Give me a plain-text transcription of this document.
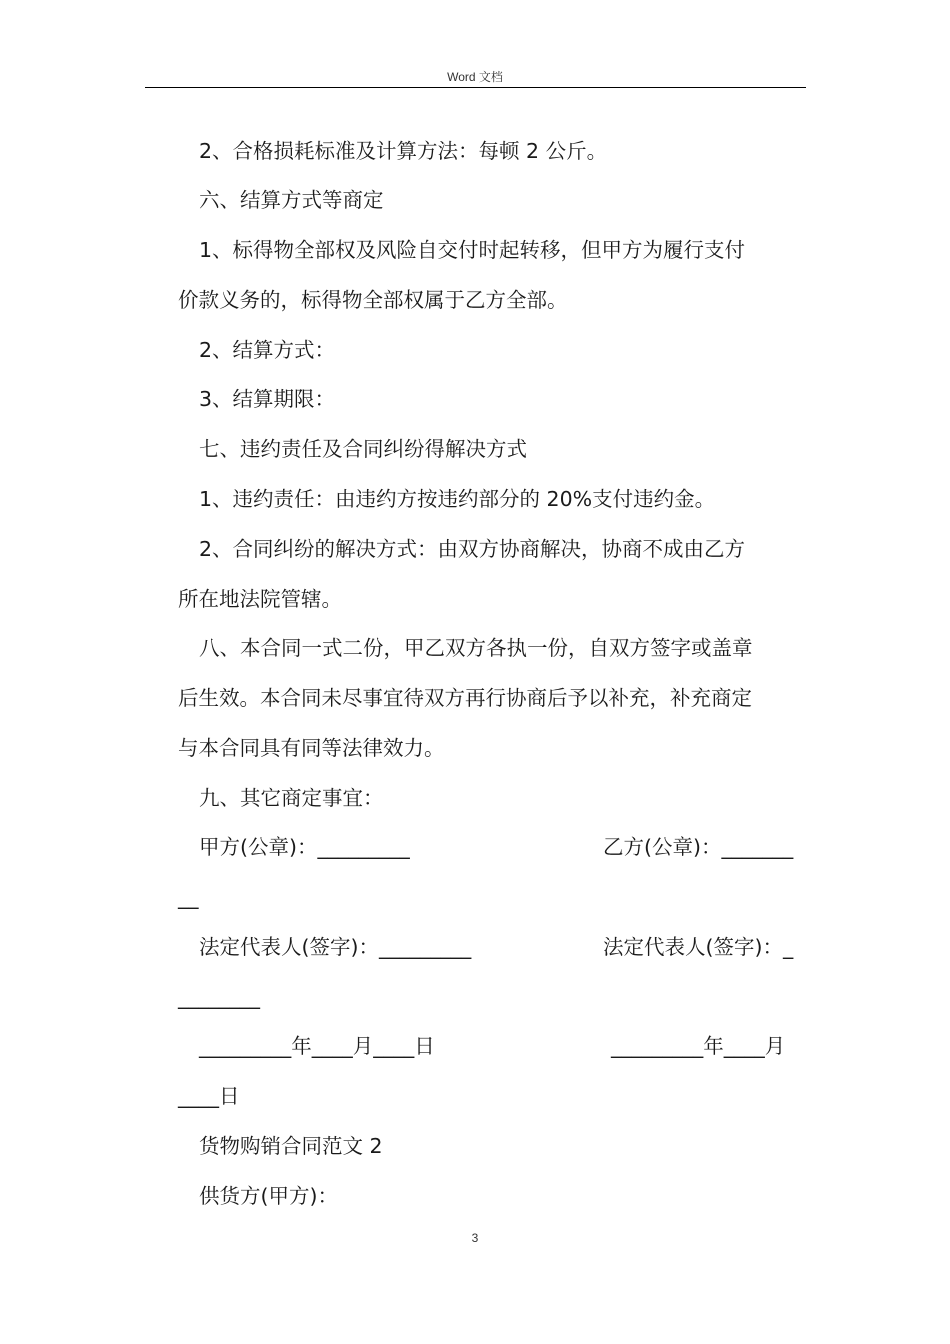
Word 文档
2、合格损耗标准及计算方法：每顿 2 公斤。
六、结算方式等商定
1、标得物全部权及风险自交付时起转移，但甲方为履行支付
价款义务的，标得物全部权属于乙方全部。
2、结算方式：
3、结算期限：
七、违约责任及合同纠纷得解决方式
1、违约责任：由违约方按违约部分的 20%支付违约金。
2、合同纠纷的解决方式：由双方协商解决，协商不成由乙方
所在地法院管辖。
八、本合同一式二份，甲乙双方各执一份，自双方签字或盖章
后生效。本合同未尽事宜待双方再行协商后予以补充，补充商定
与本合同具有同等法律效力。
九、其它商定事宜：
甲方(公章)：_________	乙方(公章)：_______
__
法定代表人(签字)：_________	法定代表人(签字)：_
________
_________年____月____日	_________年____月
____日
货物购销合同范文 2
供货方(甲方)：
3
